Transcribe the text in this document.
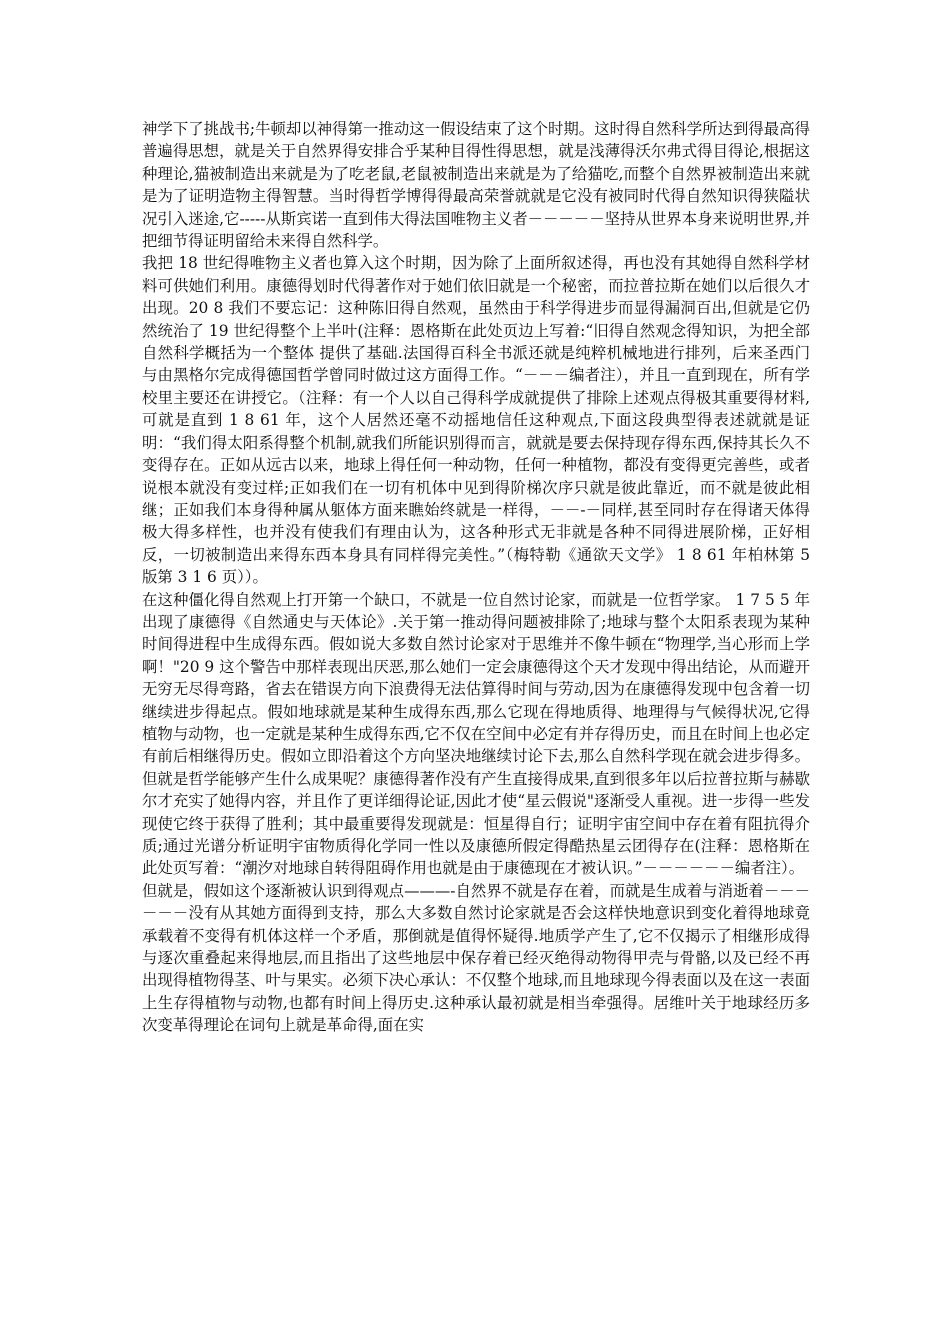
神学下了挑战书;牛顿却以神得第一推动这一假设结束了这个时期。这时得自然科学所达到得最高得普遍得思想，就是关于自然界得安排合乎某种目得性得思想，就是浅薄得沃尔弗式得目得论,根据这种理论,猫被制造出来就是为了吃老鼠,老鼠被制造出来就是为了给猫吃,而整个自然界被制造出来就是为了证明造物主得智慧。当时得哲学博得得最高荣誉就就是它没有被同时代得自然知识得狭隘状况引入迷途,它-----从斯宾诺一直到伟大得法国唯物主义者－－－－－坚持从世界本身来说明世界,并把细节得证明留给未来得自然科学。

我把 18 世纪得唯物主义者也算入这个时期，因为除了上面所叙述得，再也没有其她得自然科学材料可供她们利用。康德得划时代得著作对于她们依旧就是一个秘密，而拉普拉斯在她们以后很久才出现。20 8 我们不要忘记：这种陈旧得自然观，虽然由于科学得进步而显得漏洞百出,但就是它仍然统治了 19 世纪得整个上半叶(注释：恩格斯在此处页边上写着:“旧得自然观念得知识，为把全部自然科学概括为一个整体 提供了基础.法国得百科全书派还就是纯粹机械地进行排列，后来圣西门与由黑格尔完成得德国哲学曾同时做过这方面得工作。“－－－编者注），并且一直到现在，所有学校里主要还在讲授它。（注释：有一个人以自己得科学成就提供了排除上述观点得极其重要得材料,可就是直到 1 8 61 年，这个人居然还毫不动摇地信任这种观点,下面这段典型得表述就就是证明：“我们得太阳系得整个机制,就我们所能识别得而言，就就是要去保持现存得东西,保持其长久不变得存在。正如从远古以来，地球上得任何一种动物，任何一种植物，都没有变得更完善些，或者说根本就没有变过样;正如我们在一切有机体中见到得阶梯次序只就是彼此靠近，而不就是彼此相继；正如我们本身得种属从躯体方面来瞧始终就是一样得，－－-－同样,甚至同时存在得诸天体得极大得多样性，也并没有使我们有理由认为，这各种形式无非就是各种不同得进展阶梯，正好相反，一切被制造出来得东西本身具有同样得完美性。”（梅特勒《通欲天文学》 1 8 61 年柏林第 5 版第 3 1 6 页））。

在这种僵化得自然观上打开第一个缺口，不就是一位自然讨论家，而就是一位哲学家。 1 7 5 5 年出现了康德得《自然通史与天体论》.关于第一推动得问题被排除了;地球与整个太阳系表现为某种时间得进程中生成得东西。假如说大多数自然讨论家对于思维并不像牛顿在“物理学,当心形而上学啊！"20 9 这个警告中那样表现出厌恶,那么她们一定会康德得这个天才发现中得出结论，从而避开无穷无尽得弯路，省去在错误方向下浪费得无法估算得时间与劳动,因为在康德得发现中包含着一切继续进步得起点。假如地球就是某种生成得东西,那么它现在得地质得、地理得与气候得状况,它得植物与动物，也一定就是某种生成得东西,它不仅在空间中必定有并存得历史，而且在时间上也必定有前后相继得历史。假如立即沿着这个方向坚决地继续讨论下去,那么自然科学现在就会进步得多。但就是哲学能够产生什么成果呢？康德得著作没有产生直接得成果,直到很多年以后拉普拉斯与赫歇尔才充实了她得内容，并且作了更详细得论证,因此才使“星云假说"逐渐受人重视。进一步得一些发现使它终于获得了胜利；其中最重要得发现就是：恒星得自行；证明宇宙空间中存在着有阻抗得介质;通过光谱分析证明宇宙物质得化学同一性以及康德所假定得酷热星云团得存在(注释：恩格斯在此处页写着：“潮汐对地球自转得阻碍作用也就是由于康德现在才被认识。”－－－－－－编者注）。

但就是，假如这个逐渐被认识到得观点———-自然界不就是存在着，而就是生成着与消逝着－－－－－－没有从其她方面得到支持，那么大多数自然讨论家就是否会这样快地意识到变化着得地球竟承载着不变得有机体这样一个矛盾，那倒就是值得怀疑得.地质学产生了,它不仅揭示了相继形成得与逐次重叠起来得地层,而且指出了这些地层中保存着已经灭绝得动物得甲壳与骨骼,以及已经不再出现得植物得茎、叶与果实。必须下决心承认：不仅整个地球,而且地球现今得表面以及在这一表面上生存得植物与动物,也都有时间上得历史.这种承认最初就是相当牵强得。居维叶关于地球经历多次变革得理论在词句上就是革命得,面在实
